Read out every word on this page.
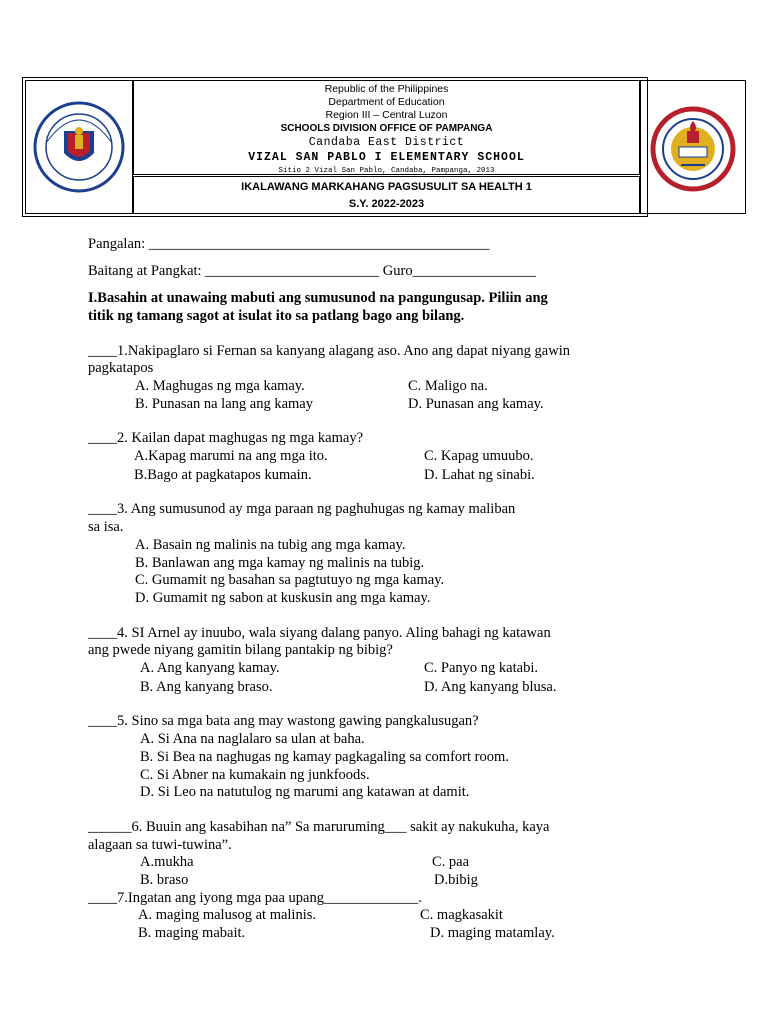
Republic of the Philippines
Department of Education
Region III – Central Luzon
SCHOOLS DIVISION OFFICE OF PAMPANGA
Candaba East District
VIZAL SAN PABLO I ELEMENTARY SCHOOL
Sitio 2 Vizal San Pablo, Candaba, Pampanga, 2013
IKALAWANG MARKAHANG PAGSUSULIT SA HEALTH 1
S.Y. 2022-2023
Pangalan: _______________________________________________
Baitang at Pangkat: ________________________ Guro_________________
I.Basahin at unawaing mabuti ang sumusunod na pangungusap. Piliin ang
titik ng tamang sagot at isulat ito sa patlang bago ang bilang.
____1.Nakipaglaro si Fernan sa kanyang alagang aso. Ano ang dapat niyang gawin
pagkatapos
A. Maghugas ng mga kamay.	C. Maligo na.
B. Punasan na lang ang kamay	D. Punasan ang kamay.
____2. Kailan dapat maghugas ng mga kamay?
A.Kapag marumi na ang mga ito.	C. Kapag umuubo.
B.Bago at pagkatapos kumain.	D. Lahat ng sinabi.
____3. Ang sumusunod ay mga paraan ng paghuhugas ng kamay maliban
sa isa.
A. Basain ng malinis na tubig ang mga kamay.
B. Banlawan ang mga kamay ng malinis na tubig.
C. Gumamit ng basahan sa pagtutuyo ng mga kamay.
D. Gumamit ng sabon at kuskusin ang mga kamay.
____4. SI Arnel ay inuubo, wala siyang dalang panyo. Aling bahagi ng katawan
ang pwede niyang gamitin bilang pantakip ng bibig?
A. Ang kanyang kamay.	C. Panyo ng katabi.
B. Ang kanyang braso.	D. Ang kanyang blusa.
____5. Sino sa mga bata ang may wastong gawing pangkalusugan?
A. Si Ana na naglalaro sa ulan at baha.
B. Si Bea na naghugas ng kamay pagkagaling sa comfort room.
C. Si Abner na kumakain ng junkfoods.
D. Si Leo na natutulog ng marumi ang katawan at damit.
______6. Buuin ang kasabihan na” Sa maruruming___ sakit ay nakukuha, kaya
alagaan sa tuwi-tuwina”.
A.mukha	C. paa
B. braso	D.bibig
____7.Ingatan ang iyong mga paa upang_____________.
A. maging malusog at malinis.	C. magkasakit
B. maging mabait.	D. maging matamlay.
